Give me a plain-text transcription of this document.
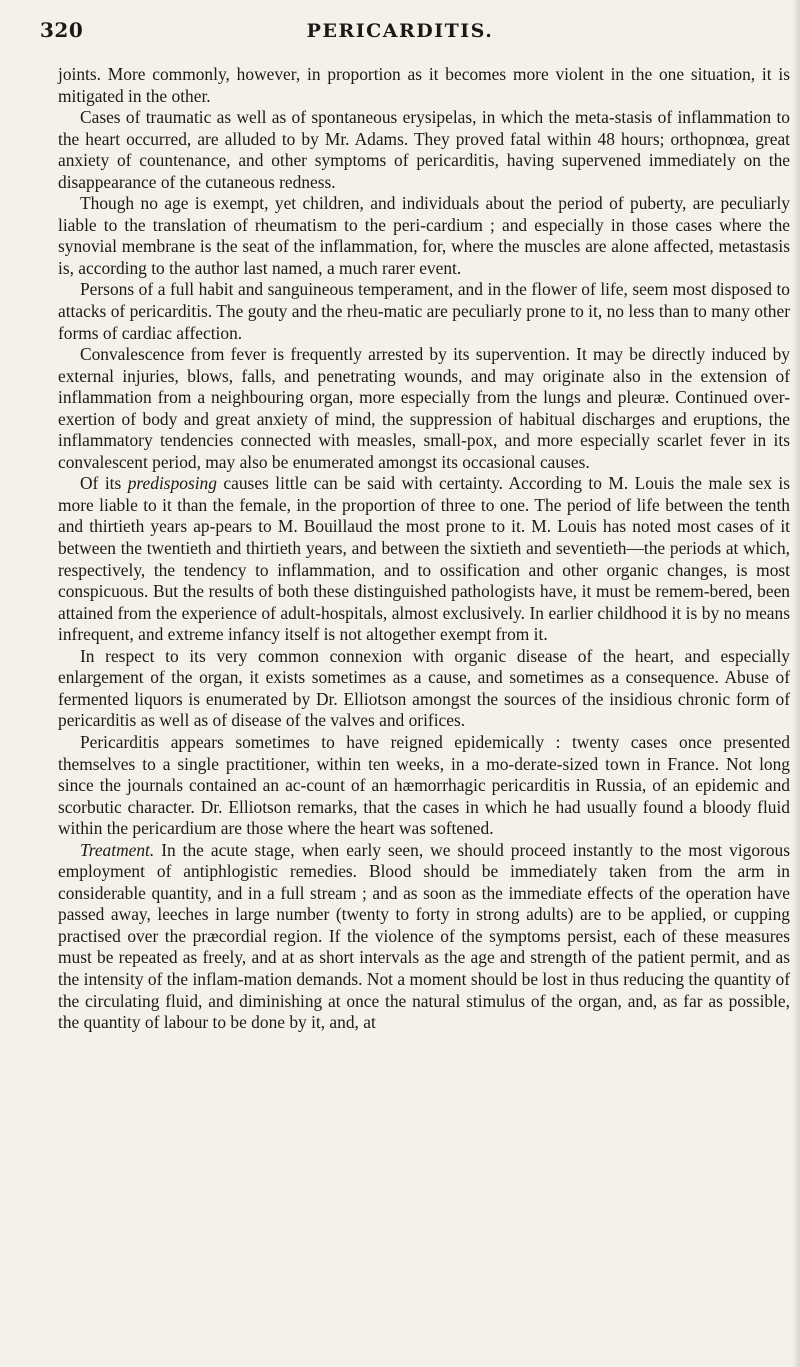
320	PERICARDITIS.

joints. More commonly, however, in proportion as it becomes more violent in the one situation, it is mitigated in the other.

Cases of traumatic as well as of spontaneous erysipelas, in which the meta-stasis of inflammation to the heart occurred, are alluded to by Mr. Adams. They proved fatal within 48 hours; orthopnœa, great anxiety of countenance, and other symptoms of pericarditis, having supervened immediately on the disappearance of the cutaneous redness.

Though no age is exempt, yet children, and individuals about the period of puberty, are peculiarly liable to the translation of rheumatism to the peri-cardium ; and especially in those cases where the synovial membrane is the seat of the inflammation, for, where the muscles are alone affected, metastasis is, according to the author last named, a much rarer event.

Persons of a full habit and sanguineous temperament, and in the flower of life, seem most disposed to attacks of pericarditis. The gouty and the rheu-matic are peculiarly prone to it, no less than to many other forms of cardiac affection.

Convalescence from fever is frequently arrested by its supervention. It may be directly induced by external injuries, blows, falls, and penetrating wounds, and may originate also in the extension of inflammation from a neighbouring organ, more especially from the lungs and pleuræ. Continued over-exertion of body and great anxiety of mind, the suppression of habitual discharges and eruptions, the inflammatory tendencies connected with measles, small-pox, and more especially scarlet fever in its convalescent period, may also be enumerated amongst its occasional causes.

Of its predisposing causes little can be said with certainty. According to M. Louis the male sex is more liable to it than the female, in the proportion of three to one. The period of life between the tenth and thirtieth years ap-pears to M. Bouillaud the most prone to it. M. Louis has noted most cases of it between the twentieth and thirtieth years, and between the sixtieth and seventieth—the periods at which, respectively, the tendency to inflammation, and to ossification and other organic changes, is most conspicuous. But the results of both these distinguished pathologists have, it must be remem-bered, been attained from the experience of adult-hospitals, almost exclusively. In earlier childhood it is by no means infrequent, and extreme infancy itself is not altogether exempt from it.

In respect to its very common connexion with organic disease of the heart, and especially enlargement of the organ, it exists sometimes as a cause, and sometimes as a consequence. Abuse of fermented liquors is enumerated by Dr. Elliotson amongst the sources of the insidious chronic form of pericarditis as well as of disease of the valves and orifices.

Pericarditis appears sometimes to have reigned epidemically : twenty cases once presented themselves to a single practitioner, within ten weeks, in a mo-derate-sized town in France. Not long since the journals contained an ac-count of an hæmorrhagic pericarditis in Russia, of an epidemic and scorbutic character. Dr. Elliotson remarks, that the cases in which he had usually found a bloody fluid within the pericardium are those where the heart was softened.

Treatment. In the acute stage, when early seen, we should proceed instantly to the most vigorous employment of antiphlogistic remedies. Blood should be immediately taken from the arm in considerable quantity, and in a full stream ; and as soon as the immediate effects of the operation have passed away, leeches in large number (twenty to forty in strong adults) are to be applied, or cupping practised over the præcordial region. If the violence of the symptoms persist, each of these measures must be repeated as freely, and at as short intervals as the age and strength of the patient permit, and as the intensity of the inflam-mation demands. Not a moment should be lost in thus reducing the quantity of the circulating fluid, and diminishing at once the natural stimulus of the organ, and, as far as possible, the quantity of labour to be done by it, and, at
